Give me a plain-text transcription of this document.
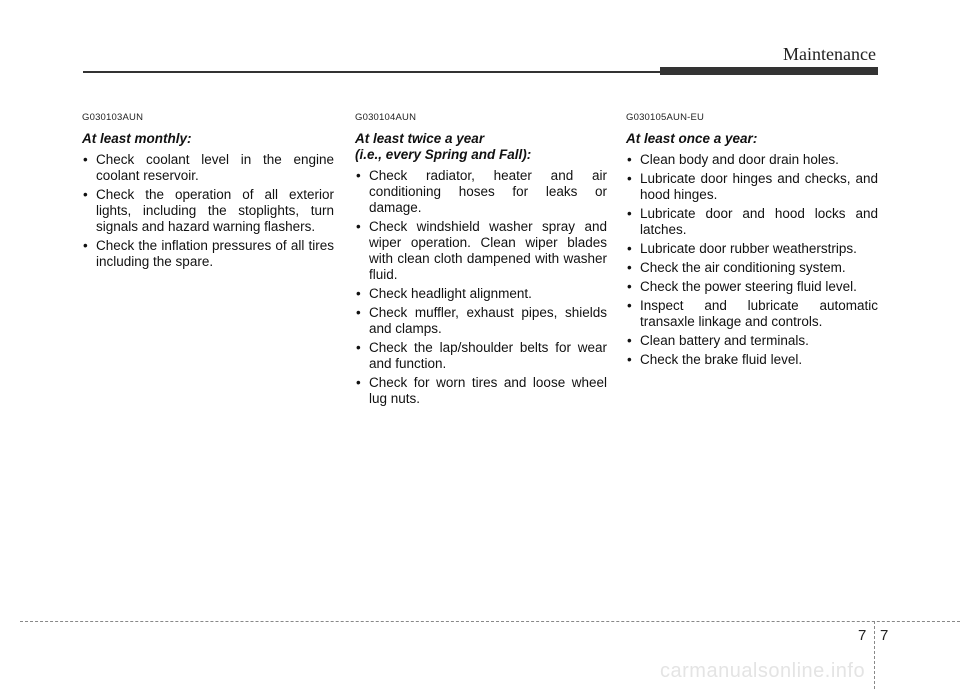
Maintenance
G030103AUN
At least monthly:
• Check coolant level in the engine coolant reservoir.
• Check the operation of all exterior lights, including the stoplights, turn signals and hazard warning flashers.
• Check the inflation pressures of all tires including the spare.
G030104AUN
At least twice a year
(i.e., every Spring and Fall):
• Check radiator, heater and air conditioning hoses for leaks or damage.
• Check windshield washer spray and wiper operation. Clean wiper blades with clean cloth dampened with washer fluid.
• Check headlight alignment.
• Check muffler, exhaust pipes, shields and clamps.
• Check the lap/shoulder belts for wear and function.
• Check for worn tires and loose wheel lug nuts.
G030105AUN-EU
At least once a year:
• Clean body and door drain holes.
• Lubricate door hinges and checks, and hood hinges.
• Lubricate door and hood locks and latches.
• Lubricate door rubber weatherstrips.
• Check the air conditioning system.
• Check the power steering fluid level.
• Inspect and lubricate automatic transaxle linkage and controls.
• Clean battery and terminals.
• Check the brake fluid level.
7 7
carmanualsonline.info
